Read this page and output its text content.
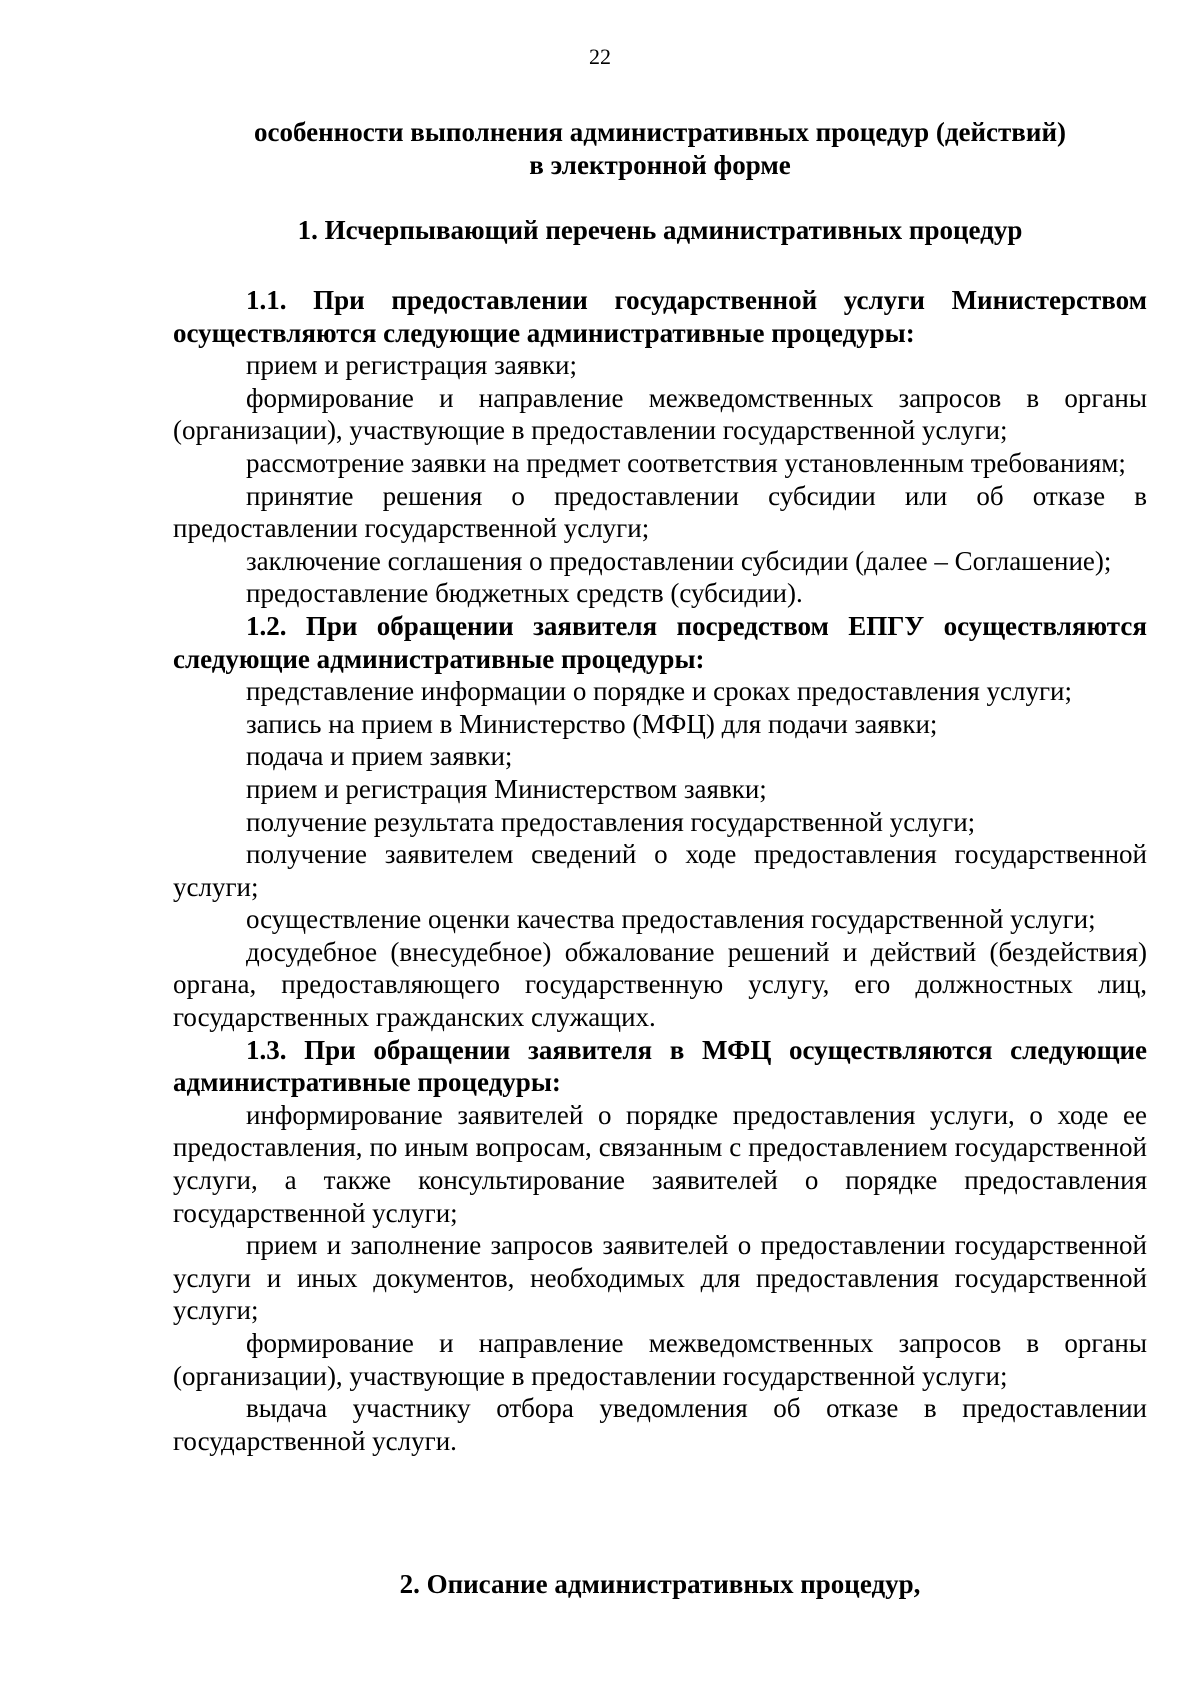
22
особенности выполнения административных процедур (действий)
в электронной форме
1. Исчерпывающий перечень административных процедур

1.1. При предоставлении государственной услуги Министерством осуществляются следующие административные процедуры:

прием и регистрация заявки;

формирование и направление межведомственных запросов в органы (организации), участвующие в предоставлении государственной услуги;

рассмотрение заявки на предмет соответствия установленным требованиям;

принятие решения о предоставлении субсидии или об отказе в предоставлении государственной услуги;

заключение соглашения о предоставлении субсидии (далее – Соглашение);

предоставление бюджетных средств (субсидии).

1.2. При обращении заявителя посредством ЕПГУ осуществляются следующие административные процедуры:

представление информации о порядке и сроках предоставления услуги;

запись на прием в Министерство (МФЦ) для подачи заявки;

подача и прием заявки;

прием и регистрация Министерством заявки;

получение результата предоставления государственной услуги;

получение заявителем сведений о ходе предоставления государственной услуги;

осуществление оценки качества предоставления государственной услуги;

досудебное (внесудебное) обжалование решений и действий (бездействия) органа, предоставляющего государственную услугу, его должностных лиц, государственных гражданских служащих.

1.3. При обращении заявителя в МФЦ осуществляются следующие административные процедуры:

информирование заявителей о порядке предоставления услуги, о ходе ее предоставления, по иным вопросам, связанным с предоставлением государственной услуги, а также консультирование заявителей о порядке предоставления государственной услуги;

прием и заполнение запросов заявителей о предоставлении государственной услуги и иных документов, необходимых для предоставления государственной услуги;

формирование и направление межведомственных запросов в органы (организации), участвующие в предоставлении государственной услуги;

выдача участнику отбора уведомления об отказе в предоставлении государственной услуги.

2. Описание административных процедур,
